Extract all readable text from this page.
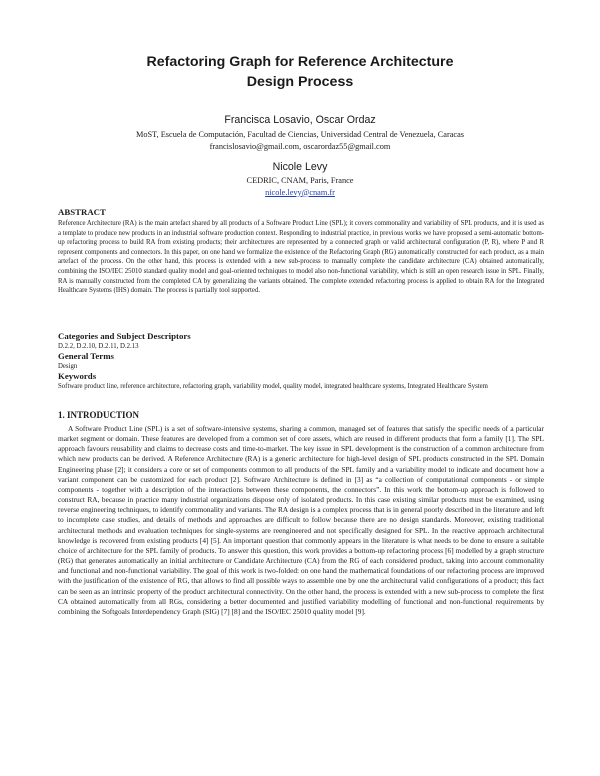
Refactoring Graph for Reference Architecture
Design Process

Francisca Losavio, Oscar Ordaz

MoST, Escuela de Computación, Facultad de Ciencias, Universidad Central de Venezuela, Caracas
francislosavio@gmail.com, oscarordaz55@gmail.com

Nicole Levy

CEDRIC, CNAM, Paris, France
nicole.levy@cnam.fr

ABSTRACT

Reference Architecture (RA) is the main artefact shared by all products of a Software Product Line (SPL); it covers commonality and variability of SPL products, and it is used as a template to produce new products in an industrial software production context. Responding to industrial practice, in previous works we have proposed a semi-automatic bottom-up refactoring process to build RA from existing products; their architectures are represented by a connected graph or valid architectural configuration (P, R), where P and R represent components and connectors. In this paper, on one hand we formalize the existence of the Refactoring Graph (RG) automatically constructed for each product, as a main artefact of the process. On the other hand, this process is extended with a new sub-process to manually complete the candidate architecture (CA) obtained automatically, combining the ISO/IEC 25010 standard quality model and goal-oriented techniques to model also non-functional variability, which is still an open research issue in SPL. Finally, RA is manually constructed from the completed CA by generalizing the variants obtained. The complete extended refactoring process is applied to obtain RA for the Integrated Healthcare Systems (IHS) domain. The process is partially tool supported.

Categories and Subject Descriptors

D.2.2, D.2.10, D.2.11, D.2.13

General Terms

Design

Keywords

Software product line, reference architecture, refactoring graph, variability model, quality model, integrated healthcare systems, Integrated Healthcare System

1. INTRODUCTION

A Software Product Line (SPL) is a set of software-intensive systems, sharing a common, managed set of features that satisfy the specific needs of a particular market segment or domain. These features are developed from a common set of core assets, which are reused in different products that form a family [1]. The SPL approach favours reusability and claims to decrease costs and time-to-market. The key issue in SPL development is the construction of a common architecture from which new products can be derived. A Reference Architecture (RA) is a generic architecture for high-level design of SPL products constructed in the SPL Domain Engineering phase [2]; it considers a core or set of components common to all products of the SPL family and a variability model to indicate and document how a variant component can be customized for each product [2]. Software Architecture is defined in [3] as “a collection of computational components - or simple components - together with a description of the interactions between these components, the connectors”. In this work the bottom-up approach is followed to construct RA, because in practice many industrial organizations dispose only of isolated products. In this case existing similar products must be examined, using reverse engineering techniques, to identify commonality and variants. The RA design is a complex process that is in general poorly described in the literature and left to incomplete case studies, and details of methods and approaches are difficult to follow because there are no design standards. Moreover, existing traditional architectural methods and evaluation techniques for single-systems are reengineered and not specifically designed for SPL. In the reactive approach architectural knowledge is recovered from existing products [4] [5]. An important question that commonly appears in the literature is what needs to be done to ensure a suitable choice of architecture for the SPL family of products. To answer this question, this work provides a bottom-up refactoring process [6] modelled by a graph structure (RG) that generates automatically an initial architecture or Candidate Architecture (CA) from the RG of each considered product, taking into account commonality and functional and non-functional variability. The goal of this work is two-folded: on one hand the mathematical foundations of our refactoring process are improved with the justification of the existence of RG, that allows to find all possible ways to assemble one by one the architectural valid configurations of a product; this fact can be seen as an intrinsic property of the product architectural connectivity. On the other hand, the process is extended with a new sub-process to complete the first CA obtained automatically from all RGs, considering a better documented and justified variability modelling of functional and non-functional requirements by combining the Softgoals Interdependency Graph (SIG) [7] [8] and the ISO/IEC 25010 quality model [9].
